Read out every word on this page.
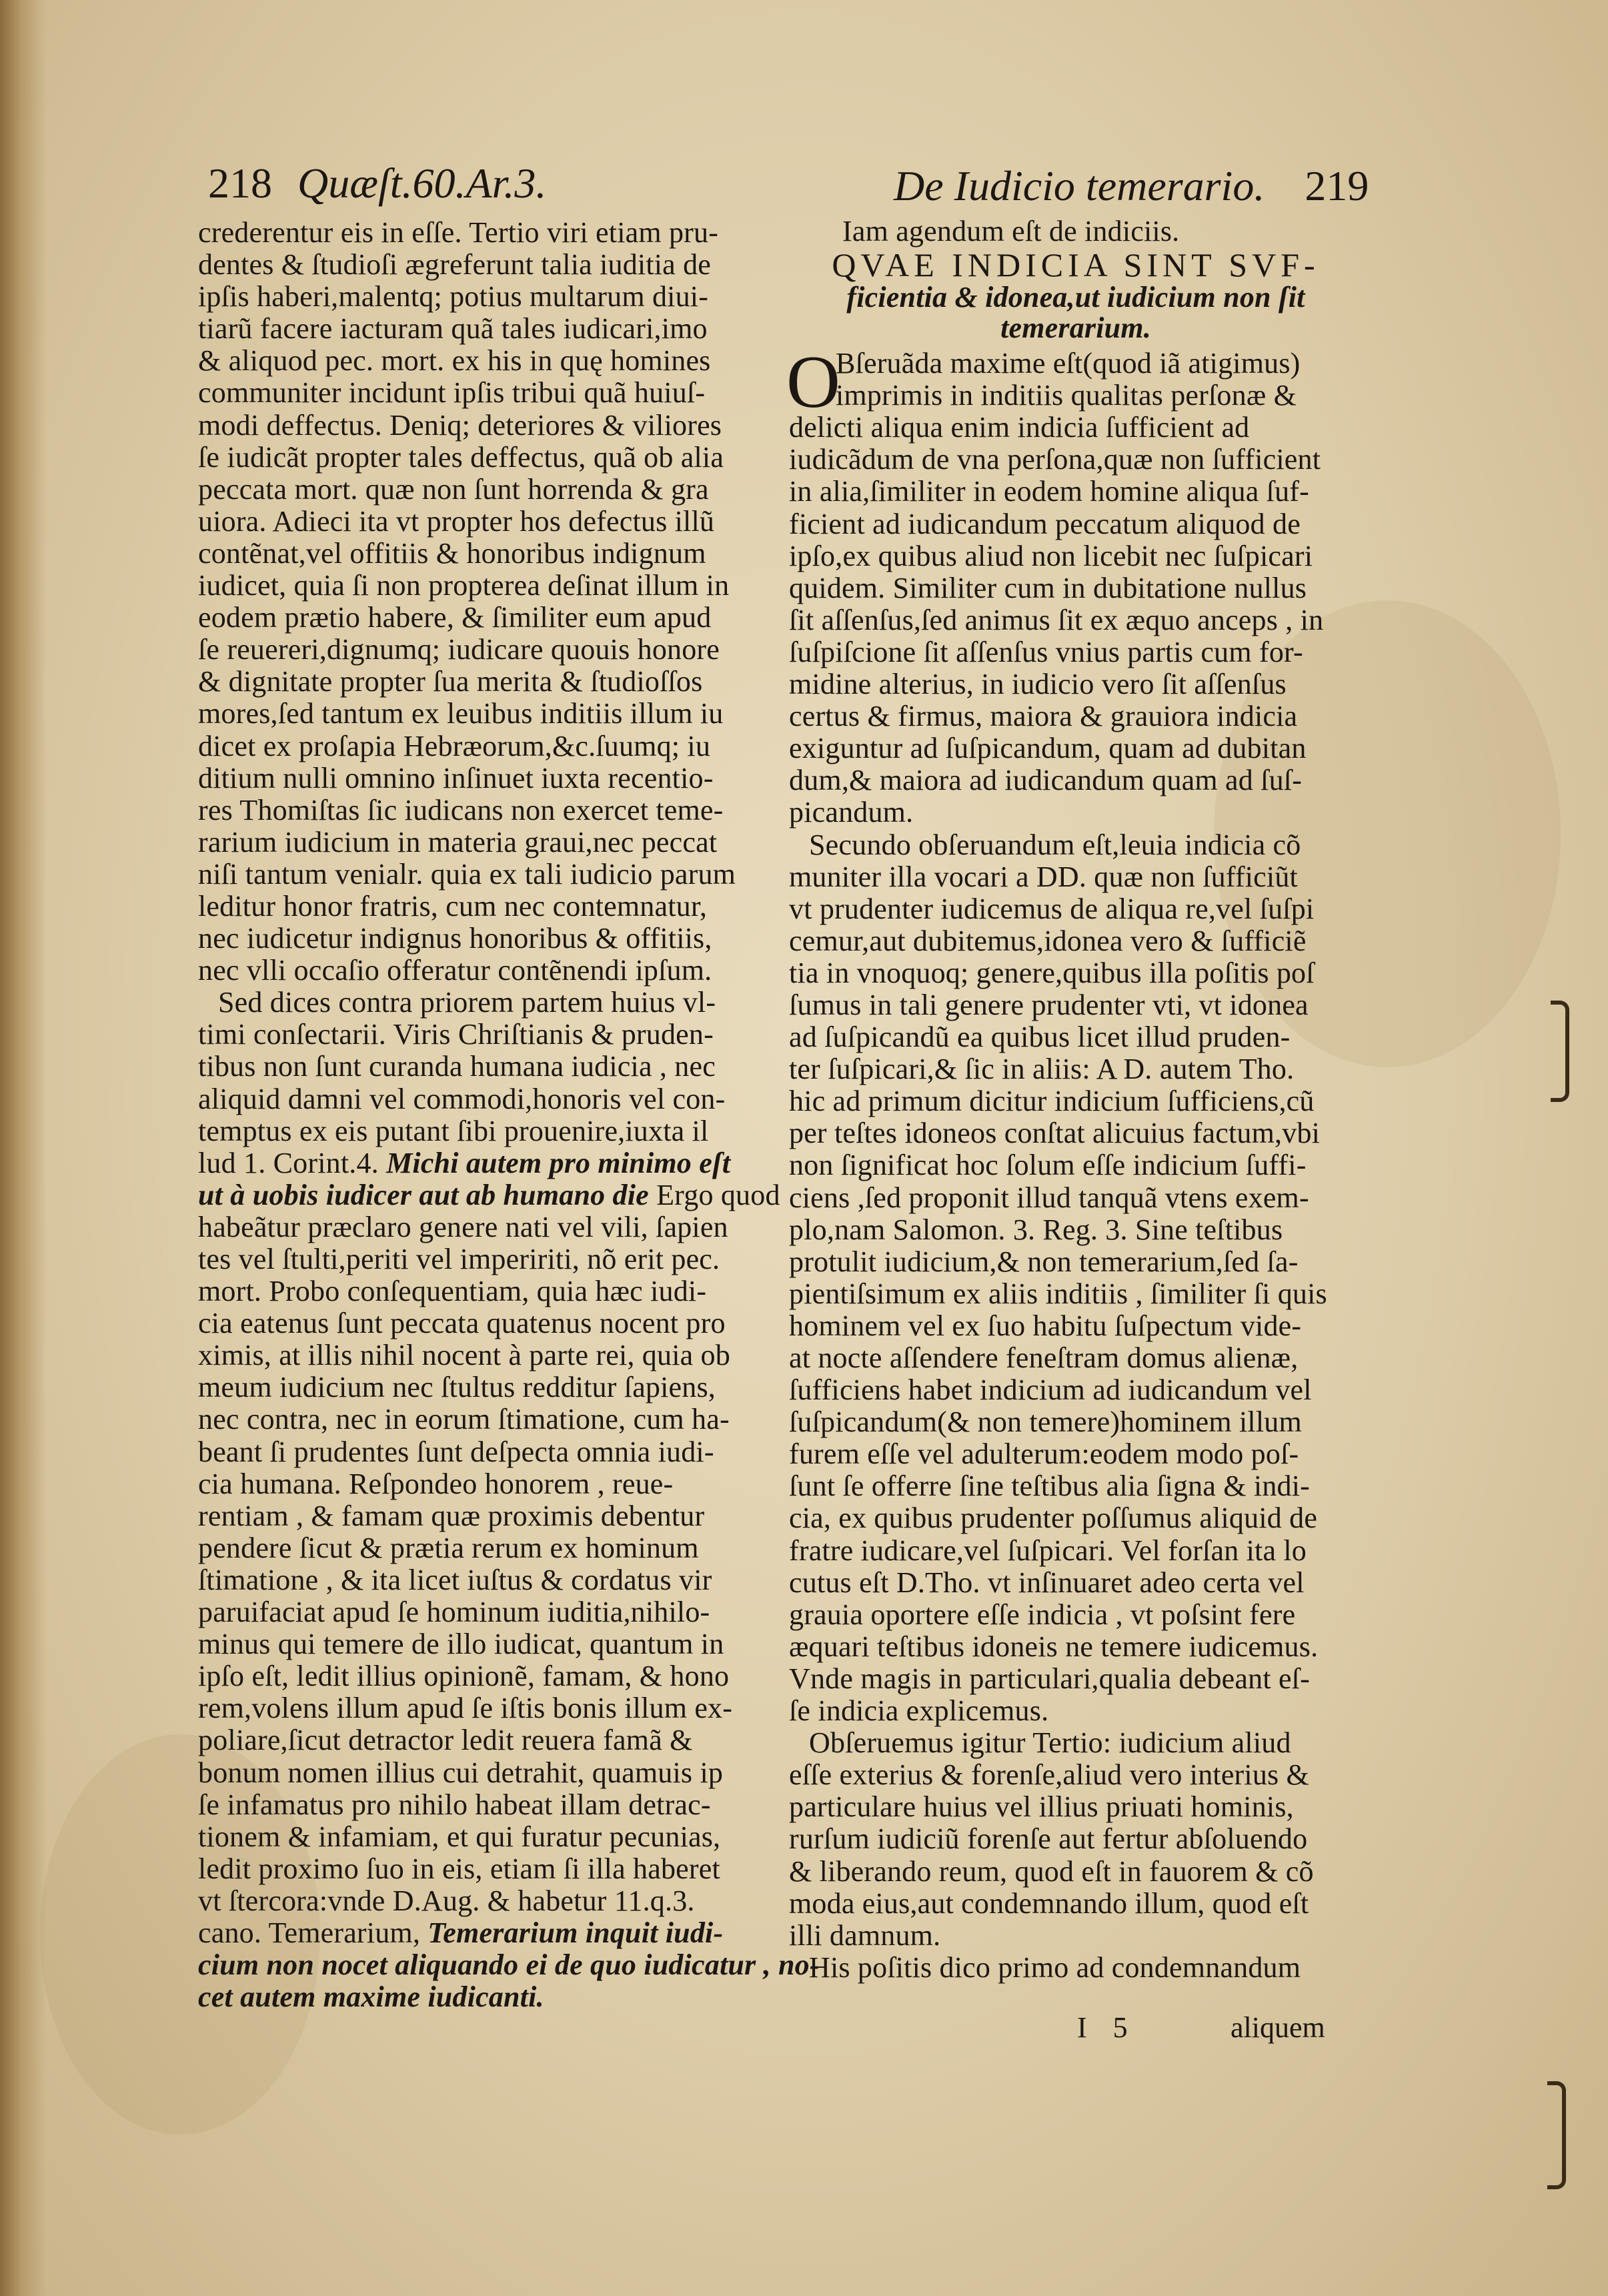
218 Quæſt.60.Ar.3.	De Iudicio temerario. 219
crederentur eis in eſſe. Tertio viri etiam pru-
dentes & ſtudioſi ægreferunt talia iuditia de
ipſis haberi,malentq; potius multarum diui-
tiarũ facere iacturam quã tales iudicari,imo
& aliquod pec. mort. ex his in quę homines
communiter incidunt ipſis tribui quã huiuſ-
modi deffectus. Deniq; deteriores & viliores
ſe iudicãt propter tales deffectus, quã ob alia
peccata mort. quæ non ſunt horrenda & gra
uiora. Adieci ita vt propter hos defectus illũ
contẽnat,vel offitiis & honoribus indignum
iudicet, quia ſi non propterea deſinat illum in
eodem prætio habere, & ſimiliter eum apud
ſe reuereri,dignumq; iudicare quouis honore
& dignitate propter ſua merita & ſtudioſſos
mores,ſed tantum ex leuibus inditiis illum iu
dicet ex proſapia Hebræorum,&c.ſuumq; iu
ditium nulli omnino inſinuet iuxta recentio-
res Thomiſtas ſic iudicans non exercet teme-
rarium iudicium in materia graui,nec peccat
niſi tantum venialr. quia ex tali iudicio parum
leditur honor fratris, cum nec contemnatur,
nec iudicetur indignus honoribus & offitiis,
nec vlli occaſio offeratur contẽnendi ipſum.
Sed dices contra priorem partem huius vl-
timi conſectarii. Viris Chriſtianis & pruden-
tibus non ſunt curanda humana iudicia , nec
aliquid damni vel commodi,honoris vel con-
temptus ex eis putant ſibi prouenire,iuxta il
lud 1. Corint.4. Michi autem pro minimo eſt
ut à uobis iudicer aut ab humano die Ergo quod
habeãtur præclaro genere nati vel vili, ſapien
tes vel ſtulti,periti vel impeririti, nõ erit pec.
mort. Probo conſequentiam, quia hæc iudi-
cia eatenus ſunt peccata quatenus nocent pro
ximis, at illis nihil nocent à parte rei, quia ob
meum iudicium nec ſtultus redditur ſapiens,
nec contra, nec in eorum ſtimatione, cum ha-
beant ſi prudentes ſunt deſpecta omnia iudi-
cia humana. Reſpondeo honorem , reue-
rentiam , & famam quæ proximis debentur
pendere ſicut & prætia rerum ex hominum
ſtimatione , & ita licet iuſtus & cordatus vir
paruifaciat apud ſe hominum iuditia,nihilo-
minus qui temere de illo iudicat, quantum in
ipſo eſt, ledit illius opinionẽ, famam, & hono
rem,volens illum apud ſe iſtis bonis illum ex-
poliare,ſicut detractor ledit reuera famã &
bonum nomen illius cui detrahit, quamuis ip
ſe infamatus pro nihilo habeat illam detrac-
tionem & infamiam, et qui furatur pecunias,
ledit proximo ſuo in eis, etiam ſi illa haberet
vt ſtercora:vnde D.Aug. & habetur 11.q.3.
cano. Temerarium, Temerarium inquit iudi-
cium non nocet aliquando ei de quo iudicatur , no-
cet autem maxime iudicanti.
Iam agendum eſt de indiciis.
QVAE INDICIA SINT SVF-
ficientia & idonea,ut iudicium non ſit
temerarium.
O
Bſeruãda maxime eſt(quod iã atigimus)
imprimis in inditiis qualitas perſonæ &
delicti aliqua enim indicia ſufficient ad
iudicãdum de vna perſona,quæ non ſufficient
in alia,ſimiliter in eodem homine aliqua ſuf-
ficient ad iudicandum peccatum aliquod de
ipſo,ex quibus aliud non licebit nec ſuſpicari
quidem. Similiter cum in dubitatione nullus
ſit aſſenſus,ſed animus ſit ex æquo anceps , in
ſuſpiſcione ſit aſſenſus vnius partis cum for-
midine alterius, in iudicio vero ſit aſſenſus
certus & firmus, maiora & grauiora indicia
exiguntur ad ſuſpicandum, quam ad dubitan
dum,& maiora ad iudicandum quam ad ſuſ-
picandum.
Secundo obſeruandum eſt,leuia indicia cõ
muniter illa vocari a DD. quæ non ſufficiũt
vt prudenter iudicemus de aliqua re,vel ſuſpi
cemur,aut dubitemus,idonea vero & ſufficiẽ
tia in vnoquoq; genere,quibus illa poſitis poſ
ſumus in tali genere prudenter vti, vt idonea
ad ſuſpicandũ ea quibus licet illud pruden-
ter ſuſpicari,& ſic in aliis: A D. autem Tho.
hic ad primum dicitur indicium ſufficiens,cũ
per teſtes idoneos conſtat alicuius factum,vbi
non ſignificat hoc ſolum eſſe indicium ſuffi-
ciens ,ſed proponit illud tanquã vtens exem-
plo,nam Salomon. 3. Reg. 3. Sine teſtibus
protulit iudicium,& non temerarium,ſed ſa-
pientiſsimum ex aliis inditiis , ſimiliter ſi quis
hominem vel ex ſuo habitu ſuſpectum vide-
at nocte aſſendere feneſtram domus alienæ,
ſufficiens habet indicium ad iudicandum vel
ſuſpicandum(& non temere)hominem illum
furem eſſe vel adulterum:eodem modo poſ-
ſunt ſe offerre ſine teſtibus alia ſigna & indi-
cia, ex quibus prudenter poſſumus aliquid de
fratre iudicare,vel ſuſpicari. Vel forſan ita lo
cutus eſt D.Tho. vt inſinuaret adeo certa vel
grauia oportere eſſe indicia , vt poſsint fere
æquari teſtibus idoneis ne temere iudicemus.
Vnde magis in particulari,qualia debeant eſ-
ſe indicia explicemus.
Obſeruemus igitur Tertio: iudicium aliud
eſſe exterius & forenſe,aliud vero interius &
particulare huius vel illius priuati hominis,
rurſum iudiciũ forenſe aut fertur abſoluendo
& liberando reum, quod eſt in fauorem & cõ
moda eius,aut condemnando illum, quod eſt
illi damnum.
His poſitis dico primo ad condemnandum
I 5	aliquem
